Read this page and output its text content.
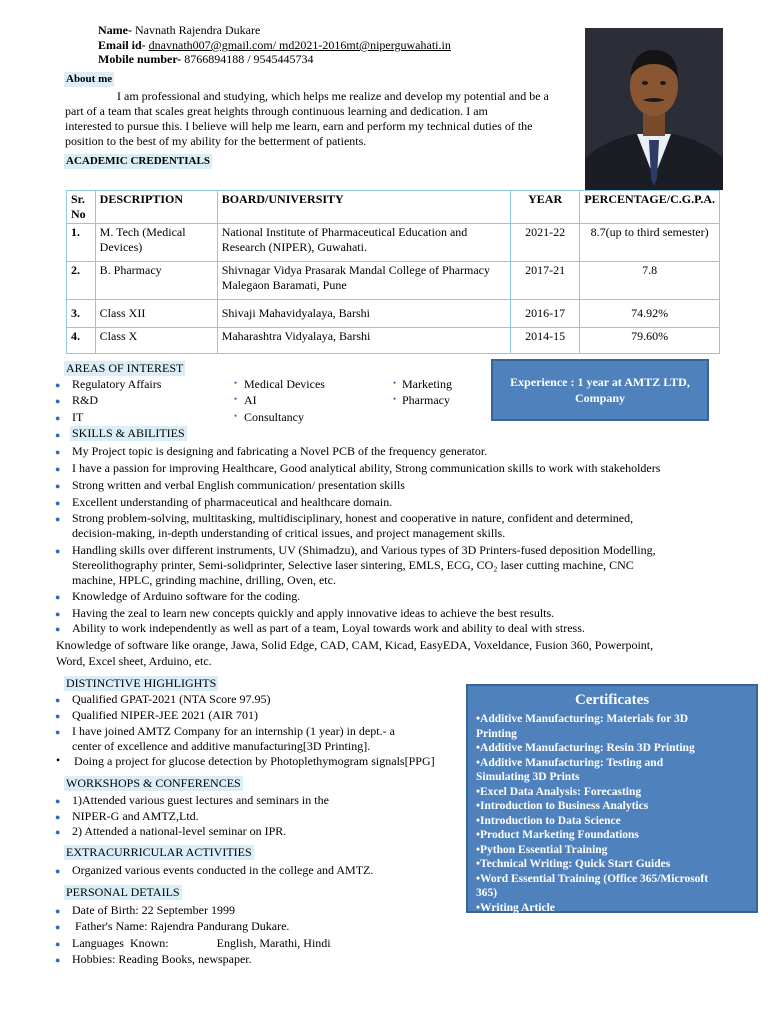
Name- Navnath Rajendra Dukare
Email id- dnavnath007@gmail.com/ md2021-2016mt@niperguwahati.in
Mobile number- 8766894188 / 9545445734
About me
I am professional and studying, which helps me realize and develop my potential and be a
part of a team that scales great heights through continuous learning and dedication. I am
interested to pursue this. I believe will help me learn, earn and perform my technical duties of the
position to the best of my ability for the betterment of patients.
ACADEMIC CREDENTIALS
Sr. No	DESCRIPTION	BOARD/UNIVERSITY	YEAR	PERCENTAGE/C.G.P.A.
1.	M. Tech (Medical Devices)	National Institute of Pharmaceutical Education and Research (NIPER), Guwahati.	2021-22	8.7(up to third semester)
2.	B. Pharmacy	Shivnagar Vidya Prasarak Mandal College of Pharmacy Malegaon Baramati, Pune	2017-21	7.8
3.	Class XII	Shivaji Mahavidyalaya, Barshi	2016-17	74.92%
4.	Class X	Maharashtra Vidyalaya, Barshi	2014-15	79.60%
AREAS OF INTEREST
● Regulatory Affairs
● R&D
● IT
• Medical Devices
• AI
• Consultancy
• Marketing
• Pharmacy
Experience : 1 year at AMTZ LTD, Company
● SKILLS & ABILITIES
● My Project topic is designing and fabricating a Novel PCB of the frequency generator.
● I have a passion for improving Healthcare, Good analytical ability, Strong communication skills to work with stakeholders
● Strong written and verbal English communication/ presentation skills
● Excellent understanding of pharmaceutical and healthcare domain.
● Strong problem-solving, multitasking, multidisciplinary, honest and cooperative in nature, confident and determined,
decision-making, in-depth understanding of critical issues, and project management skills.
● Handling skills over different instruments, UV (Shimadzu), and Various types of 3D Printers-fused deposition Modelling,
Stereolithography printer, Semi-solidprinter, Selective laser sintering, EMLS, ECG, CO₂ laser cutting machine, CNC
machine, HPLC, grinding machine, drilling, Oven, etc.
● Knowledge of Arduino software for the coding.
● Having the zeal to learn new concepts quickly and apply innovative ideas to achieve the best results.
● Ability to work independently as well as part of a team, Loyal towards work and ability to deal with stress.
Knowledge of software like orange, Jawa, Solid Edge, CAD, CAM, Kicad, EasyEDA, Voxeldance, Fusion 360, Powerpoint,
Word, Excel sheet, Arduino, etc.
DISTINCTIVE HIGHLIGHTS
● Qualified GPAT-2021 (NTA Score 97.95)
● Qualified NIPER-JEE 2021 (AIR 701)
● I have joined AMTZ Company for an internship (1 year) in dept.- a
center of excellence and additive manufacturing[3D Printing].
• Doing a project for glucose detection by Photoplethymogram signals[PPG]
WORKSHOPS & CONFERENCES
● 1)Attended various guest lectures and seminars in the
● NIPER-G and AMTZ,Ltd.
● 2) Attended a national-level seminar on IPR.
EXTRACURRICULAR ACTIVITIES
● Organized various events conducted in the college and AMTZ.
PERSONAL DETAILS
● Date of Birth: 22 September 1999
● Father's Name: Rajendra Pandurang Dukare.
● Languages  Known:                English, Marathi, Hindi
● Hobbies: Reading Books, newspaper.
Certificates
•Additive Manufacturing: Materials for 3D
Printing
•Additive Manufacturing: Resin 3D Printing
•Additive Manufacturing: Testing and
Simulating 3D Prints
•Excel Data Analysis: Forecasting
•Introduction to Business Analytics
•Introduction to Data Science
•Product Marketing Foundations
•Python Essential Training
•Technical Writing: Quick Start Guides
•Word Essential Training (Office 365/Microsoft
365)
•Writing Article
